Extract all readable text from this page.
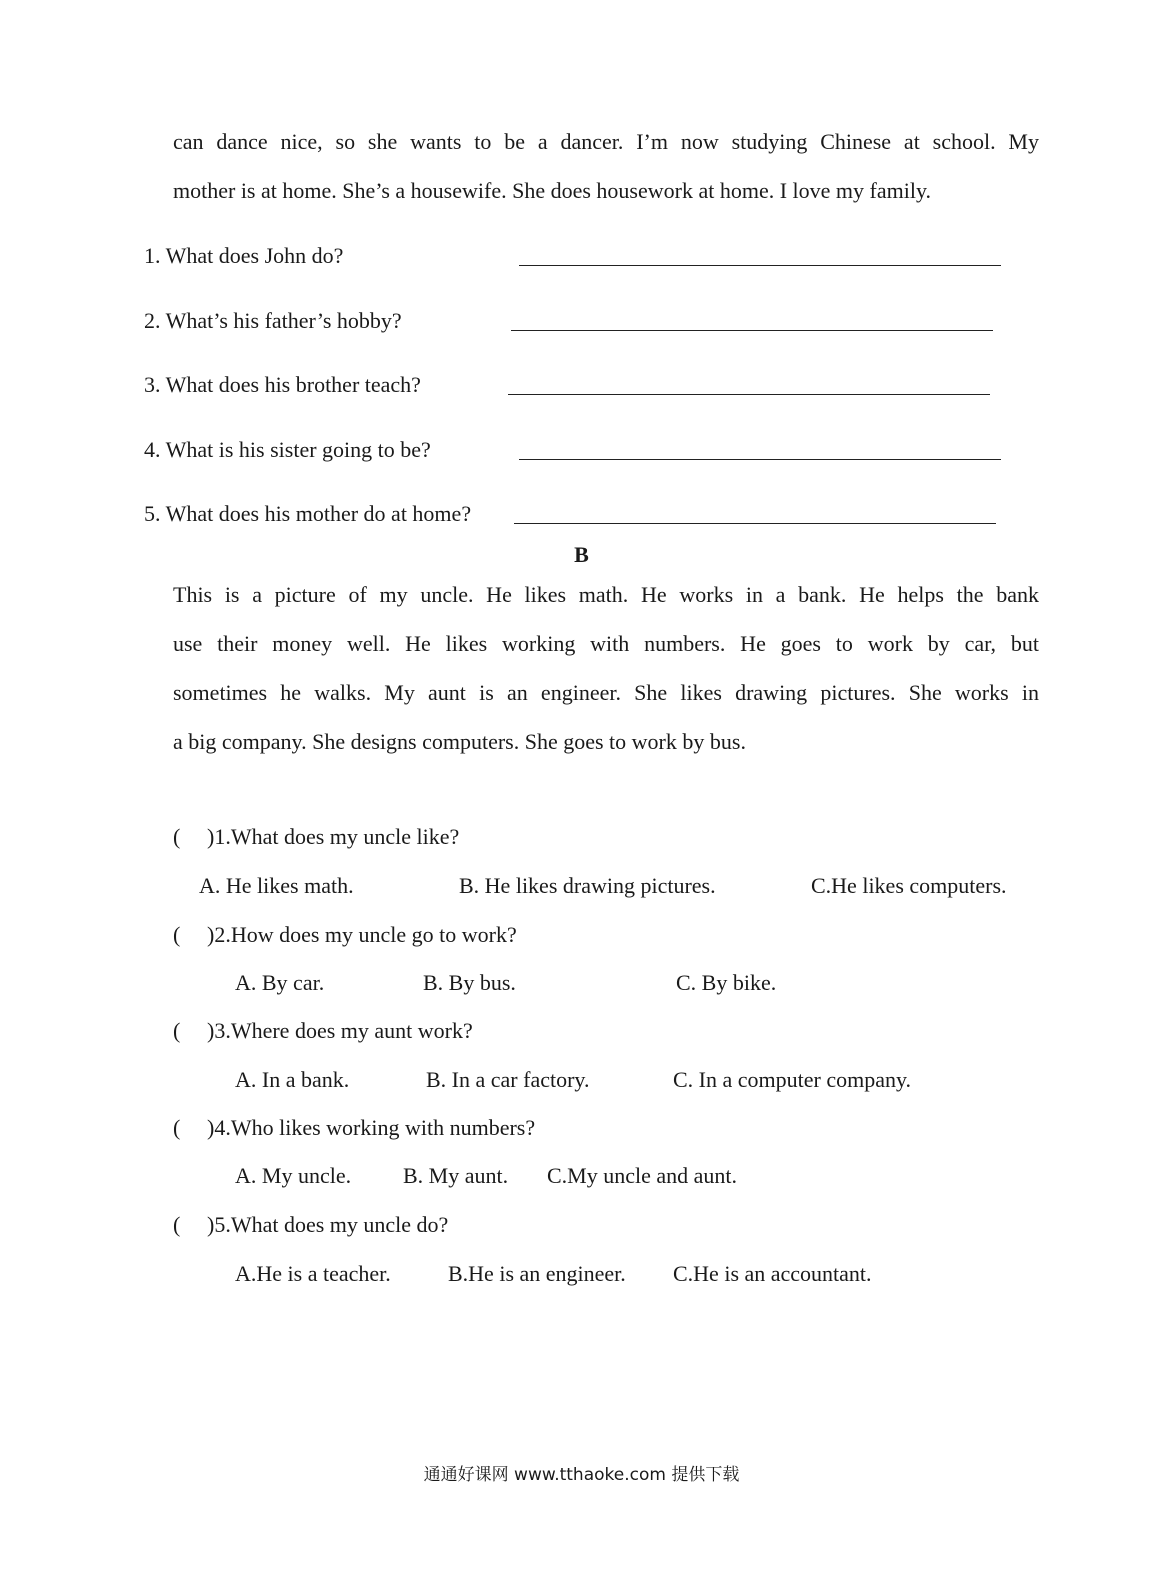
can dance nice, so she wants to be a dancer. I’m now studying Chinese at school. My
mother is at home. She’s a housewife. She does housework at home. I love my family.
1. What does John do?
2. What’s his father’s hobby?
3. What does his brother teach?
4. What is his sister going to be?
5. What does his mother do at home?
B
This is a picture of my uncle. He likes math. He works in a bank. He helps the bank
use their money well. He likes working with numbers. He goes to work by car, but
sometimes he walks. My aunt is an engineer. She likes drawing pictures. She works in
a big company. She designs computers. She goes to work by bus.
( )1.What does my uncle like?
A. He likes math.	B. He likes drawing pictures.	C.He likes computers.
( )2.How does my uncle go to work?
A. By car.	B. By bus.	C. By bike.
( )3.Where does my aunt work?
A. In a bank.	B. In a car factory.	C. In a computer company.
( )4.Who likes working with numbers?
A. My uncle. B. My aunt. C.My uncle and aunt.
( )5.What does my uncle do?
A.He is a teacher.	B.He is an engineer. C.He is an accountant.
通通好课网 www.tthaoke.com 提供下载
